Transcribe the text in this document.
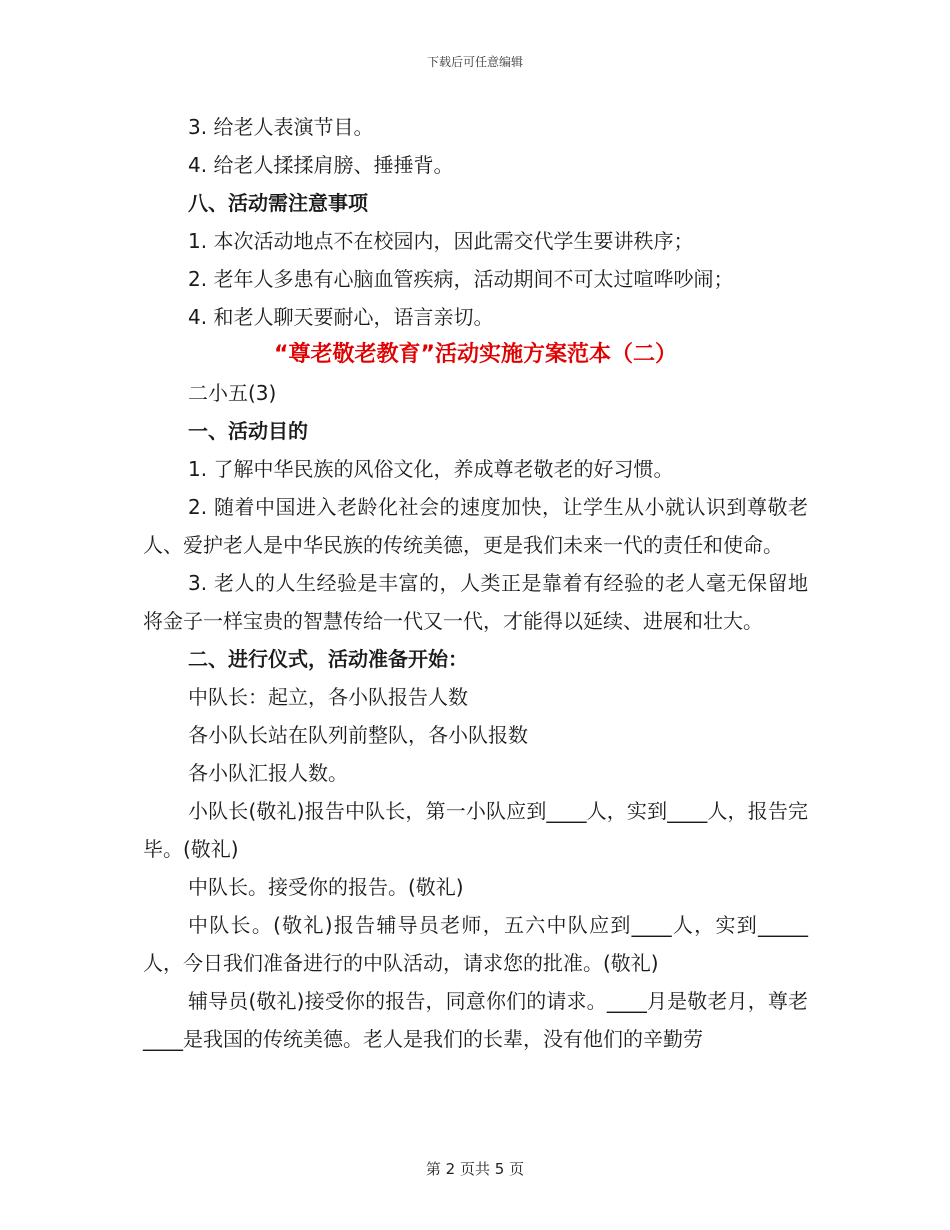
下载后可任意编辑
3. 给老人表演节目。
4. 给老人揉揉肩膀、捶捶背。
八、活动需注意事项
1. 本次活动地点不在校园内，因此需交代学生要讲秩序；
2. 老年人多患有心脑血管疾病，活动期间不可太过喧哗吵闹；
4. 和老人聊天要耐心，语言亲切。
“尊老敬老教育”活动实施方案范本（二）
二小五(3)
一、活动目的
1. 了解中华民族的风俗文化，养成尊老敬老的好习惯。

2. 随着中国进入老龄化社会的速度加快，让学生从小就认识到尊敬老人、爱护老人是中华民族的传统美德，更是我们未来一代的责任和使命。

3. 老人的人生经验是丰富的，人类正是靠着有经验的老人毫无保留地将金子一样宝贵的智慧传给一代又一代，才能得以延续、进展和壮大。

二、进行仪式，活动准备开始：
中队长：起立，各小队报告人数
各小队长站在队列前整队，各小队报数
各小队汇报人数。

小队长(敬礼)报告中队长，第一小队应到____人，实到____人，报告完毕。(敬礼)

中队长。接受你的报告。(敬礼)

中队长。(敬礼)报告辅导员老师，五六中队应到____人，实到_____人，今日我们准备进行的中队活动，请求您的批准。(敬礼)

辅导员(敬礼)接受你的报告，同意你们的请求。____月是敬老月，尊老____是我国的传统美德。老人是我们的长辈，没有他们的辛勤劳

第 2 页共 5 页
